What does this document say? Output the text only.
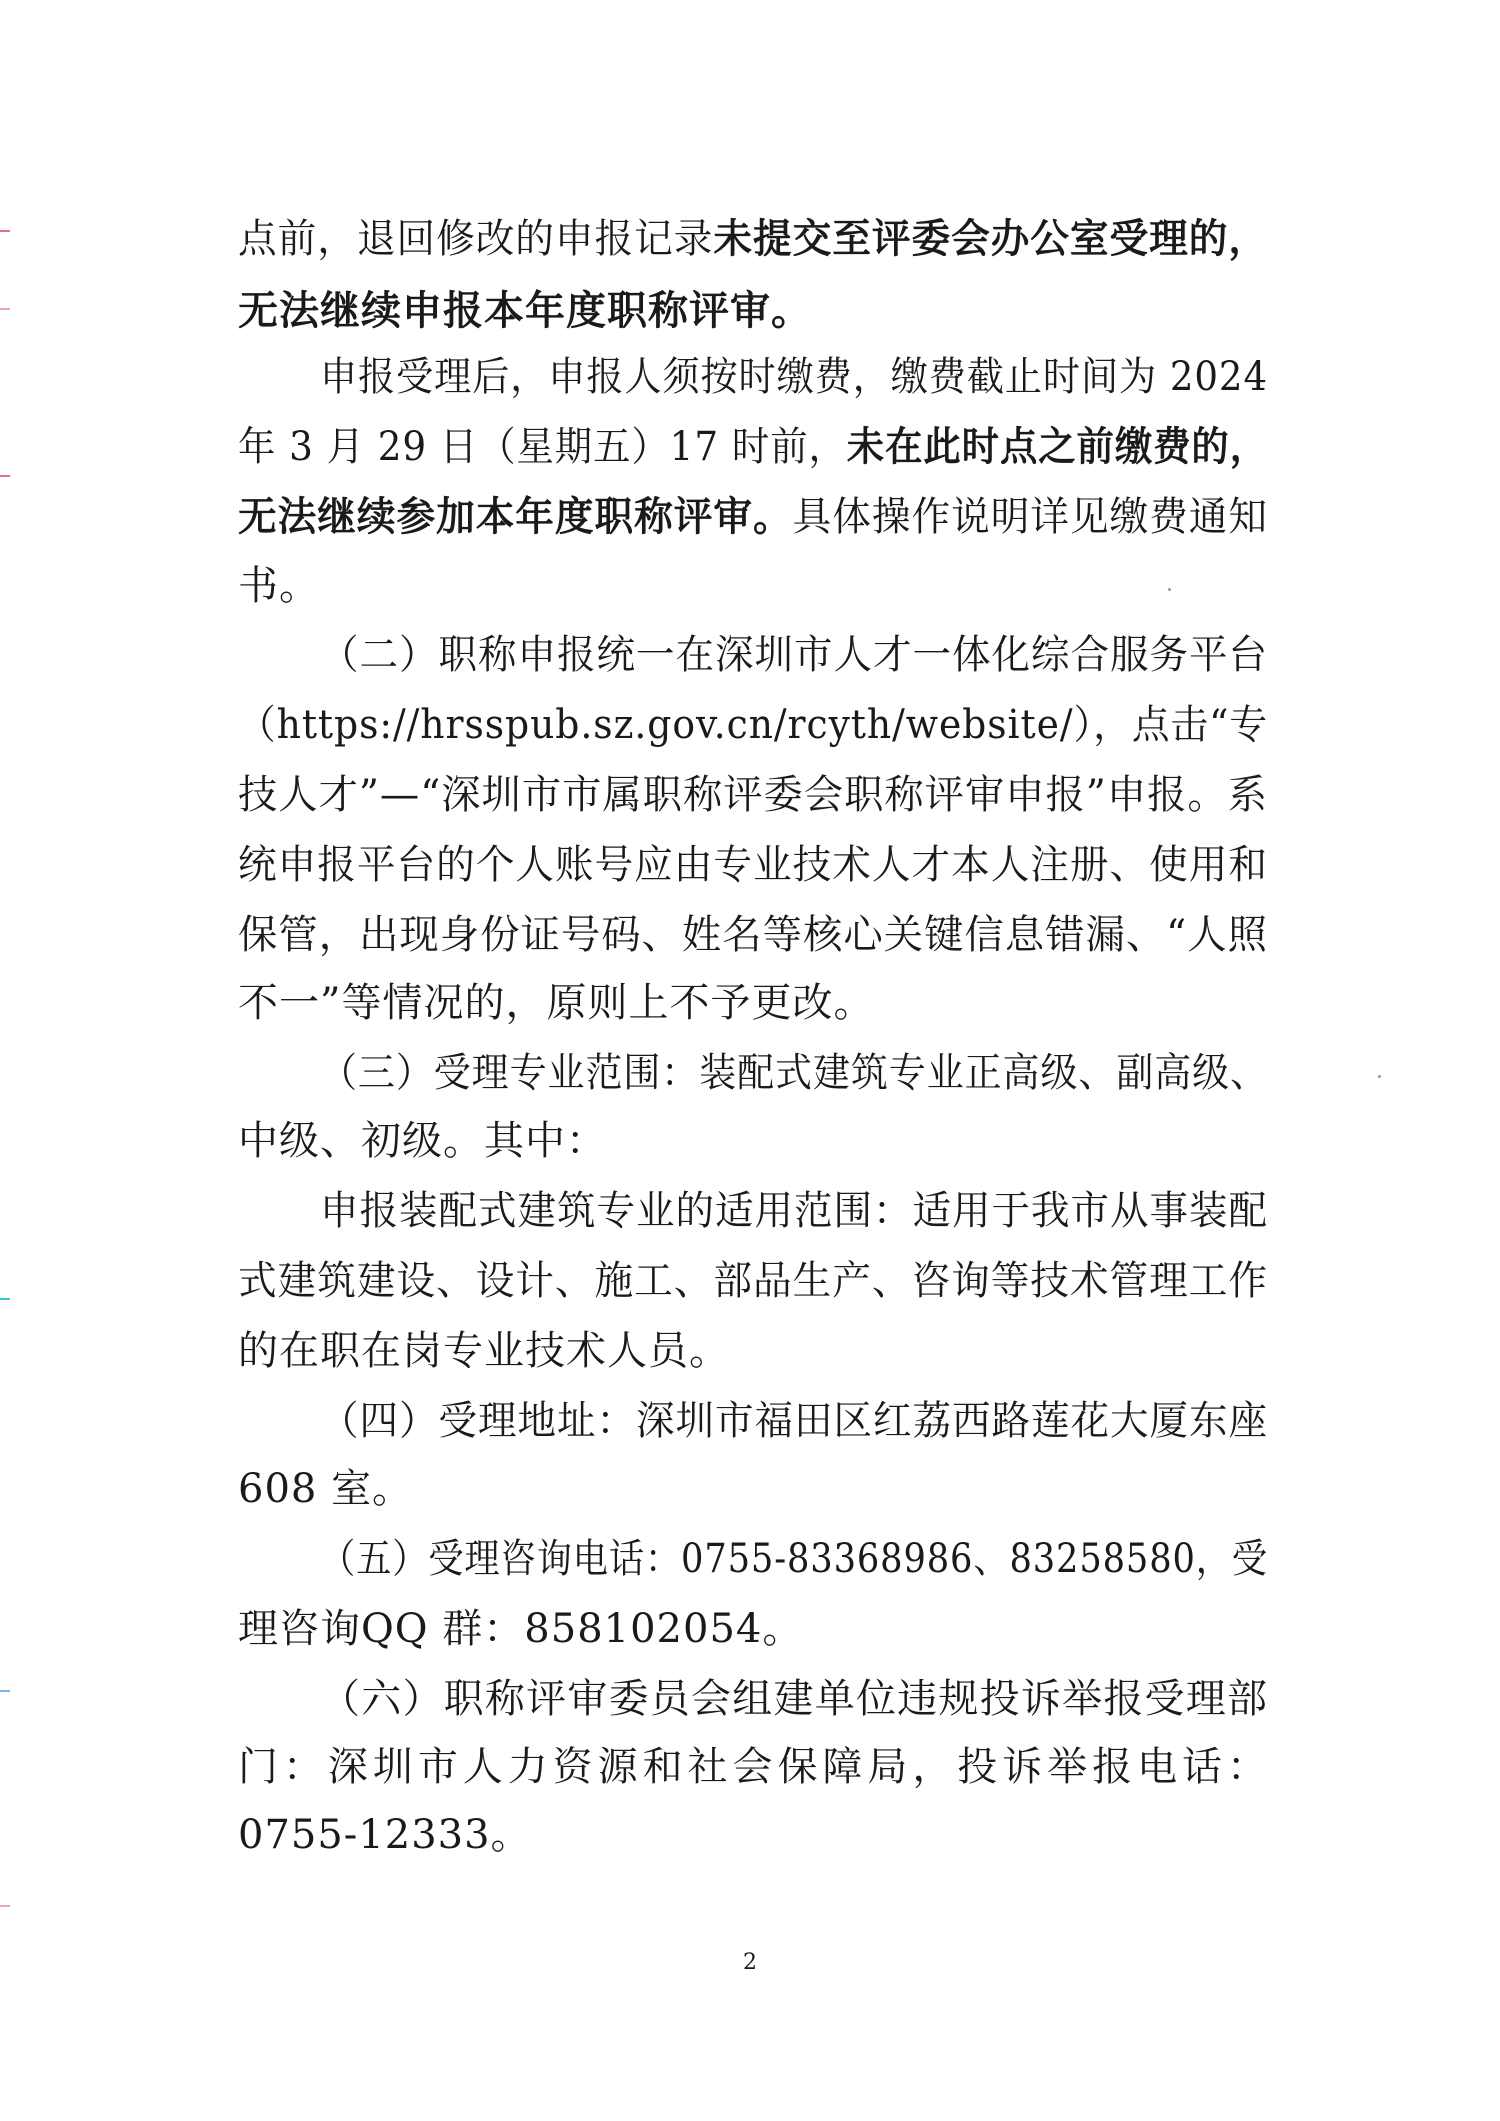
点前，退回修改的申报记录未提交至评委会办公室受理的，
无法继续申报本年度职称评审。
申报受理后，申报人须按时缴费，缴费截止时间为 2024
年 3 月 29 日（星期五）17 时前，未在此时点之前缴费的，
无法继续参加本年度职称评审。具体操作说明详见缴费通知
书。
（二）职称申报统一在深圳市人才一体化综合服务平台
（https://hrsspub.sz.gov.cn/rcyth/website/），点击“专
技人才”—“深圳市市属职称评委会职称评审申报”申报。系
统申报平台的个人账号应由专业技术人才本人注册、使用和
保管，出现身份证号码、姓名等核心关键信息错漏、“人照
不一”等情况的，原则上不予更改。
（三）受理专业范围：装配式建筑专业正高级、副高级、
中级、初级。其中：
申报装配式建筑专业的适用范围：适用于我市从事装配
式建筑建设、设计、施工、部品生产、咨询等技术管理工作
的在职在岗专业技术人员。
（四）受理地址：深圳市福田区红荔西路莲花大厦东座
608 室。
（五）受理咨询电话：0755-83368986、83258580，受
理咨询QQ 群：858102054。
（六）职称评审委员会组建单位违规投诉举报受理部
门：深圳市人力资源和社会保障局，投诉举报电话：
0755-12333。
2
